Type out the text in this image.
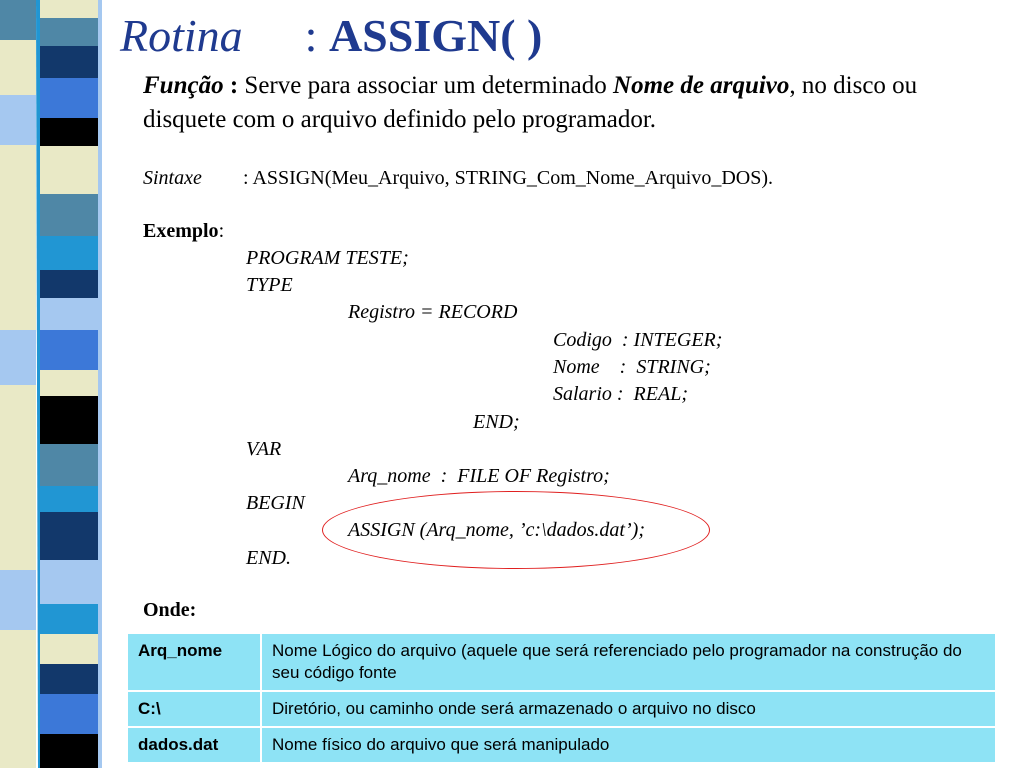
Rotina : ASSIGN( )
Função : Serve para associar um determinado Nome de arquivo, no disco ou disquete com o arquivo definido pelo programador.
Sintaxe : ASSIGN(Meu_Arquivo, STRING_Com_Nome_Arquivo_DOS).
Exemplo:
PROGRAM TESTE;
TYPE
Registro = RECORD
Codigo  : INTEGER;
Nome    :  STRING;
Salario :  REAL;
END;
VAR
Arq_nome  :  FILE OF Registro;
BEGIN
ASSIGN (Arq_nome, ’c:\dados.dat’);
END.
Onde:
Arq_nome	Nome Lógico do arquivo (aquele que será referenciado pelo programador na construção do seu código fonte
C:\	Diretório, ou caminho onde será armazenado o arquivo no disco
dados.dat	Nome físico do arquivo que será manipulado
